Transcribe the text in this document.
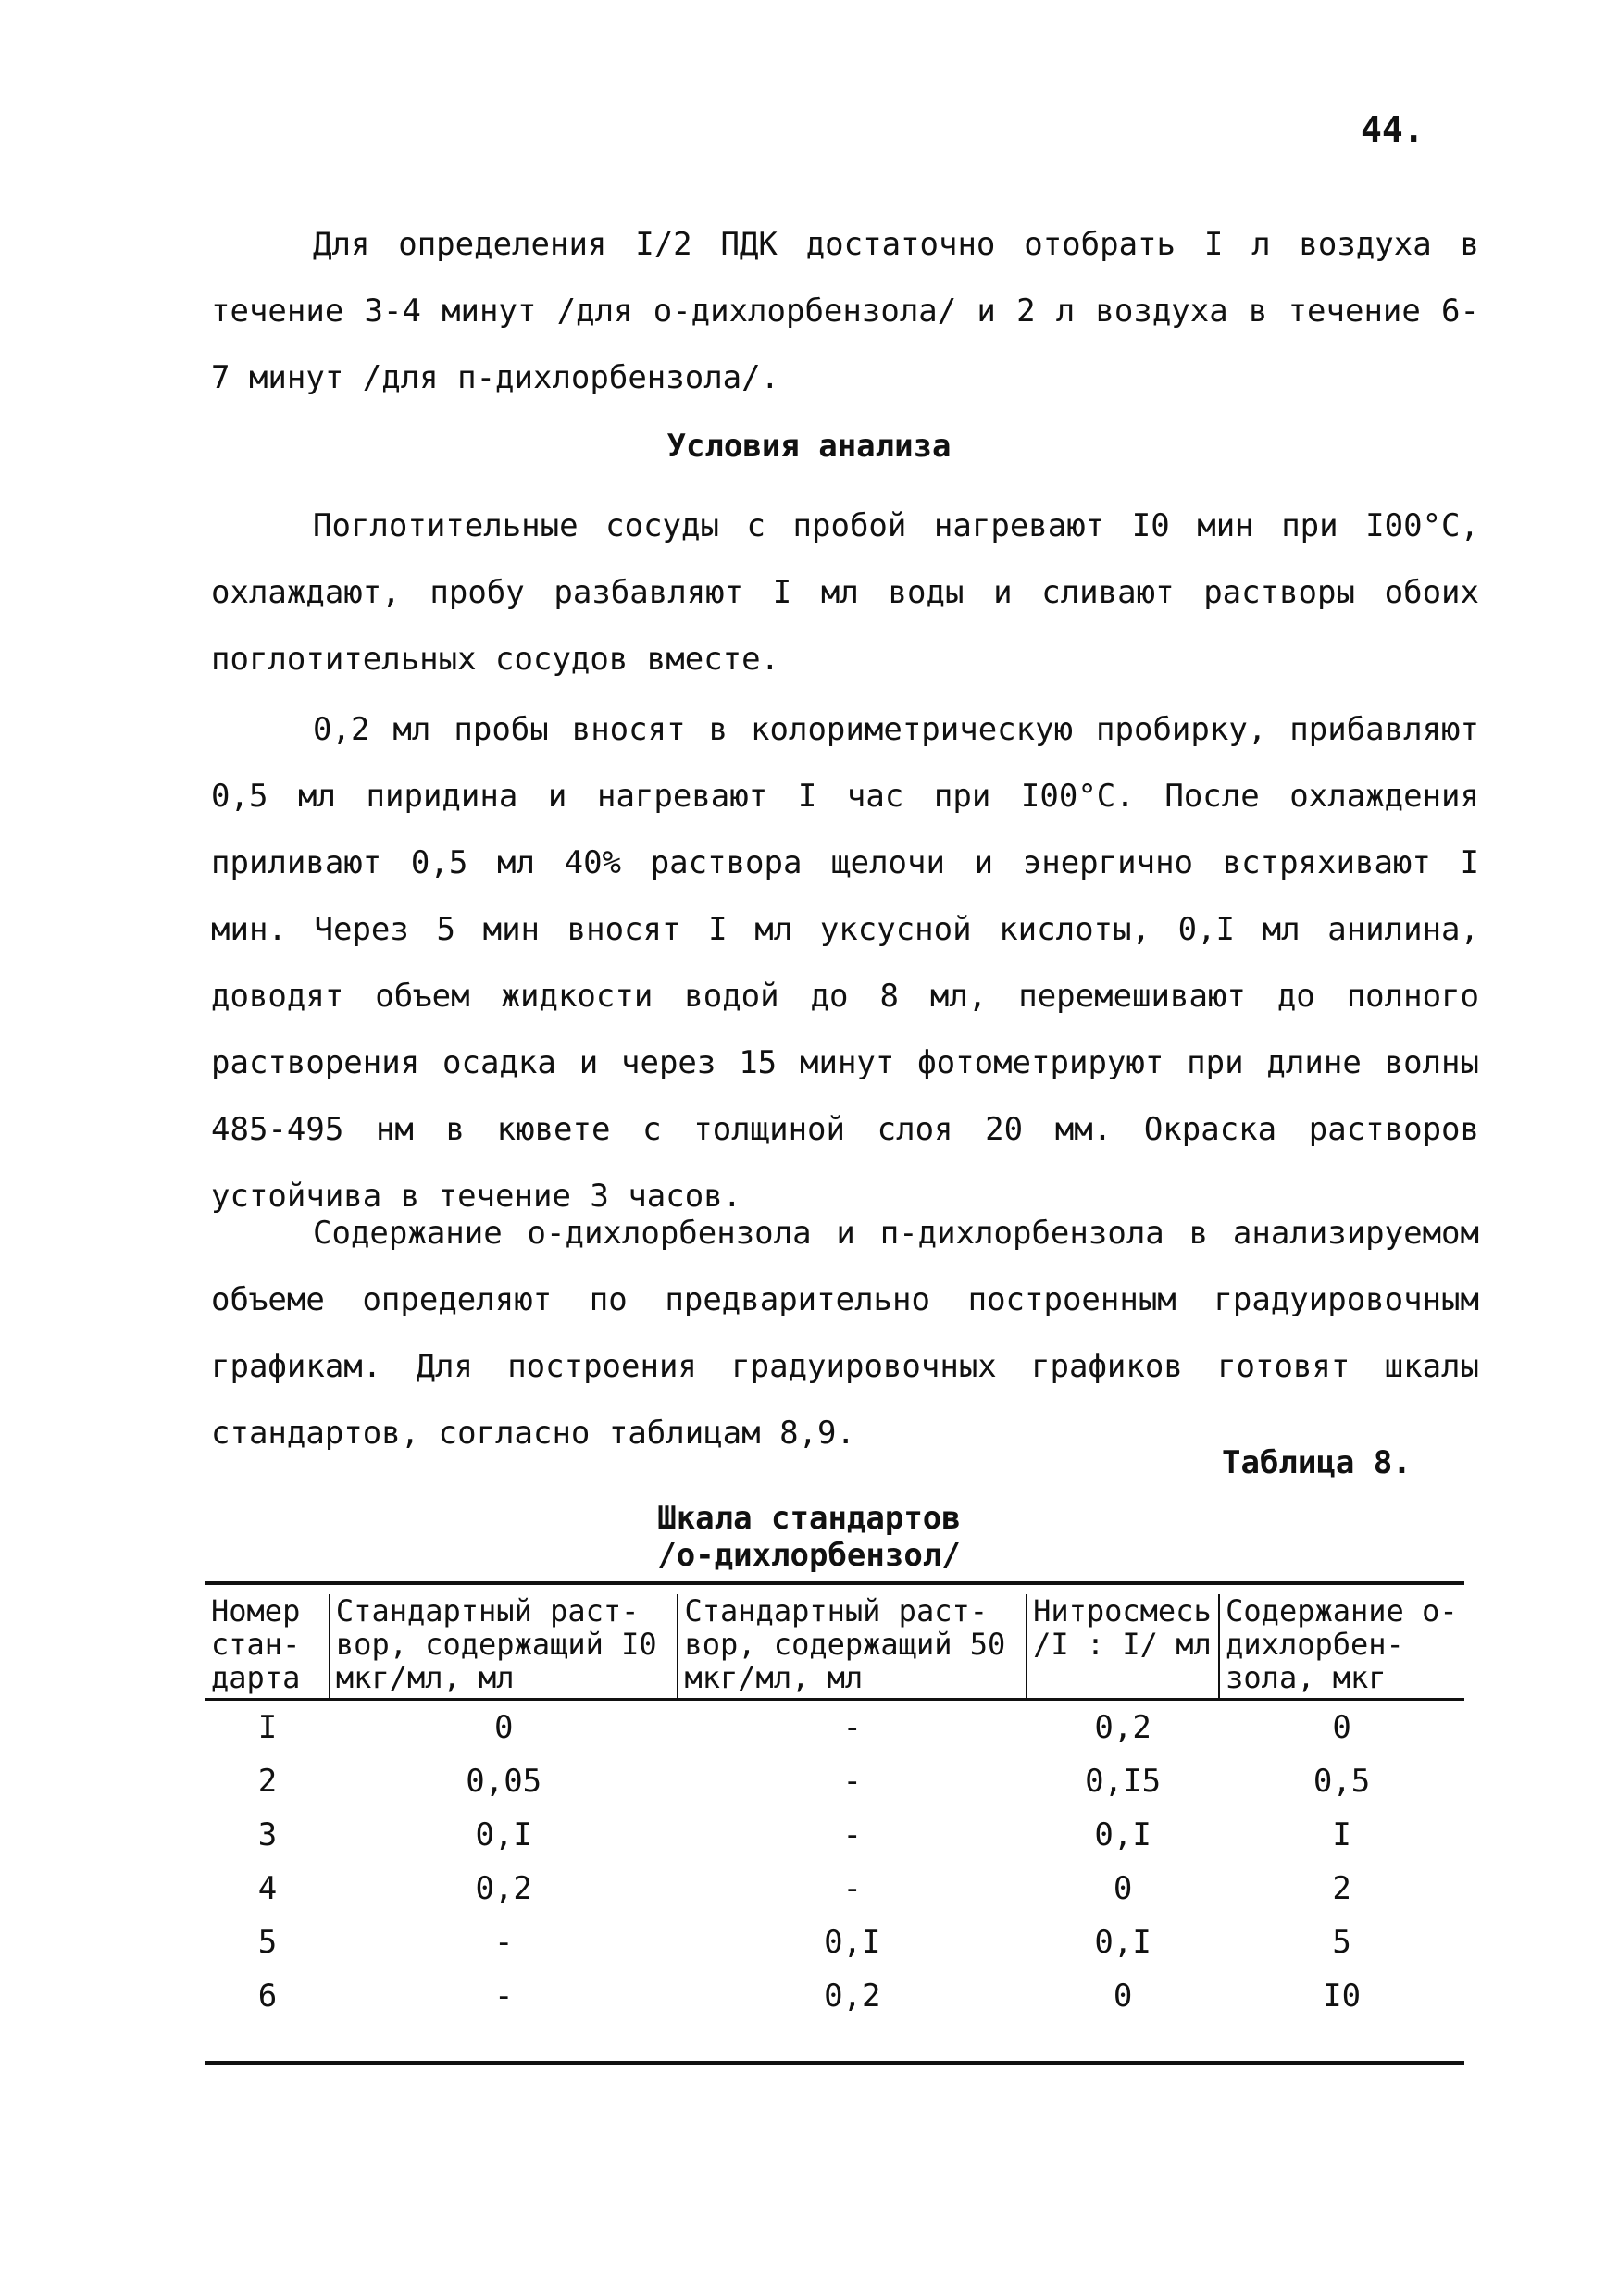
44.

Для определения I/2 ПДК достаточно отобрать I л воздуха в течение 3-4 минут /для о-дихлорбензола/ и 2 л воздуха в течение 6-7 минут /для п-дихлорбензола/.

Условия анализа

Поглотительные сосуды с пробой нагревают I0 мин при I00°C, охлаждают, пробу разбавляют I мл воды и сливают растворы обоих поглотительных сосудов вместе.

0,2 мл пробы вносят в колориметрическую пробирку, прибавляют 0,5 мл пиридина и нагревают I час при I00°C. После охлаждения приливают 0,5 мл 40% раствора щелочи и энергично встряхивают I мин. Через 5 мин вносят I мл уксусной кислоты, 0,I мл анилина, доводят объем жидкости водой до 8 мл, перемешивают до полного растворения осадка и через 15 минут фотометрируют при длине волны 485-495 нм в кювете с толщиной слоя 20 мм. Окраска растворов устойчива в течение 3 часов.

Содержание о-дихлорбензола и п-дихлорбензола в анализируемом объеме определяют по предварительно построенным градуировочным графикам. Для построения градуировочных графиков готовят шкалы стандартов, согласно таблицам 8,9.

Таблица 8.
Шкала стандартов
/о-дихлорбензол/
Номер стан- дарта	Стандартный раст- вор, содержащий I0 мкг/мл, мл	Стандартный раст- вор, содержащий 50 мкг/мл, мл	Нитросмесь /I : I/ мл	Содержание о-дихлорбен- зола, мкг
I	0	-	0,2	0
2	0,05	-	0,I5	0,5
3	0,I	-	0,I	I
4	0,2	-	0	2
5	-	0,I	0,I	5
6	-	0,2	0	I0
